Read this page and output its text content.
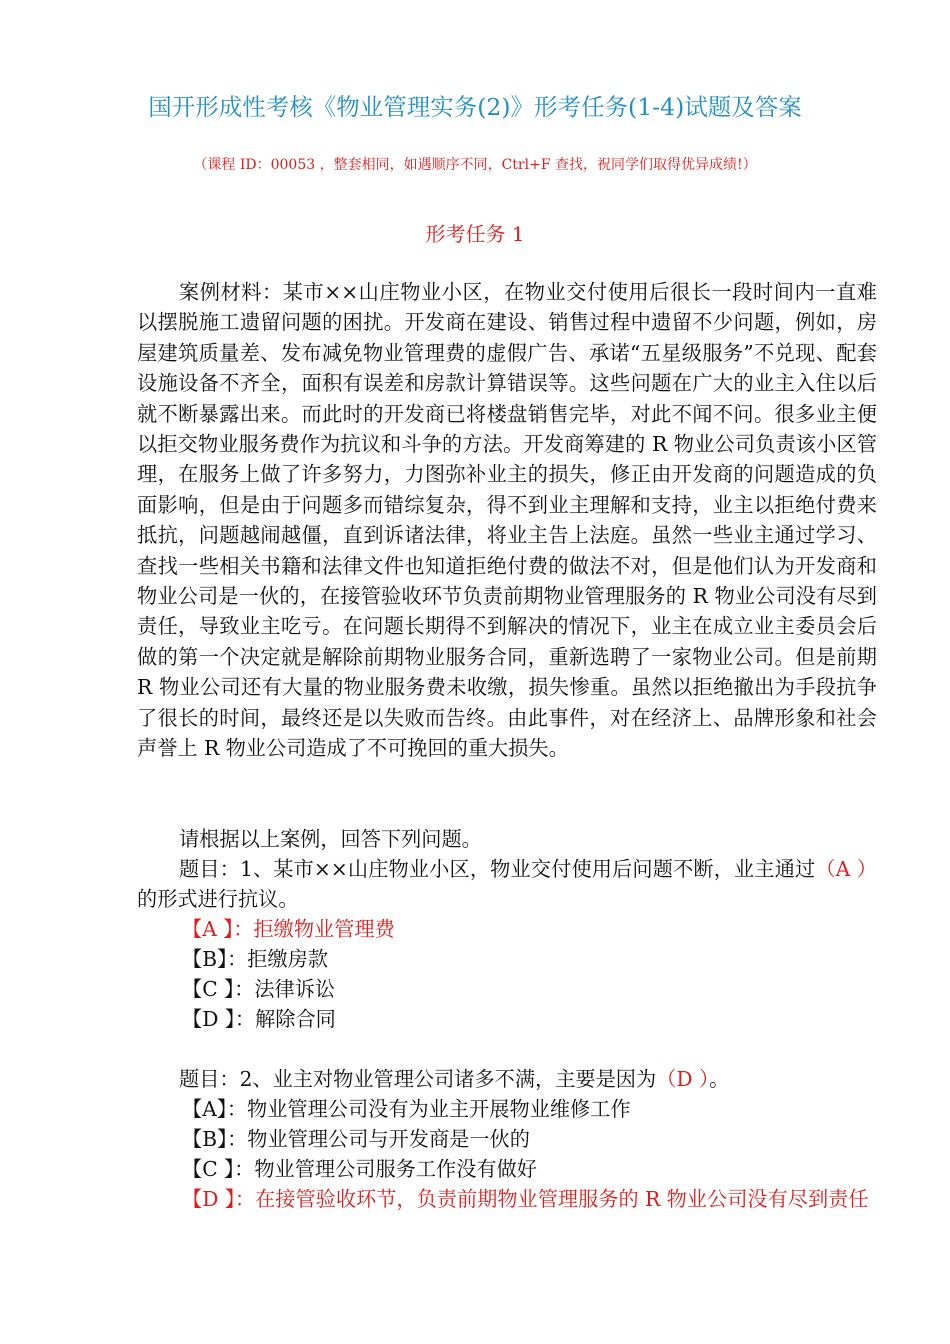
国开形成性考核《物业管理实务(2)》形考任务(1-4)试题及答案
（课程 ID：00053 ，整套相同，如遇顺序不同，Ctrl+F 查找，祝同学们取得优异成绩!）
形考任务 1
案例材料：某市××山庄物业小区，在物业交付使用后很长一段时间内一直难以摆脱施工遗留问题的困扰。开发商在建设、销售过程中遗留不少问题，例如，房屋建筑质量差、发布减免物业管理费的虚假广告、承诺“五星级服务”不兑现、配套设施设备不齐全，面积有误差和房款计算错误等。这些问题在广大的业主入住以后就不断暴露出来。而此时的开发商已将楼盘销售完毕，对此不闻不问。很多业主便以拒交物业服务费作为抗议和斗争的方法。开发商筹建的 R 物业公司负责该小区管理，在服务上做了许多努力，力图弥补业主的损失，修正由开发商的问题造成的负面影响，但是由于问题多而错综复杂，得不到业主理解和支持，业主以拒绝付费来抵抗，问题越闹越僵，直到诉诸法律，将业主告上法庭。虽然一些业主通过学习、查找一些相关书籍和法律文件也知道拒绝付费的做法不对，但是他们认为开发商和物业公司是一伙的，在接管验收环节负责前期物业管理服务的 R 物业公司没有尽到责任，导致业主吃亏。在问题长期得不到解决的情况下，业主在成立业主委员会后做的第一个决定就是解除前期物业服务合同，重新选聘了一家物业公司。但是前期 R 物业公司还有大量的物业服务费未收缴，损失惨重。虽然以拒绝撤出为手段抗争了很长的时间，最终还是以失败而告终。由此事件，对在经济上、品牌形象和社会声誉上 R 物业公司造成了不可挽回的重大损失。
请根据以上案例，回答下列问题。
题目：1、某市××山庄物业小区，物业交付使用后问题不断，业主通过（A ）的形式进行抗议。
【A 】：拒缴物业管理费
【B】：拒缴房款
【C 】：法律诉讼
【D 】：解除合同
题目：2、业主对物业管理公司诸多不满，主要是因为（D ）。
【A】：物业管理公司没有为业主开展物业维修工作
【B】：物业管理公司与开发商是一伙的
【C 】：物业管理公司服务工作没有做好
【D 】：在接管验收环节，负责前期物业管理服务的 R 物业公司没有尽到责任
